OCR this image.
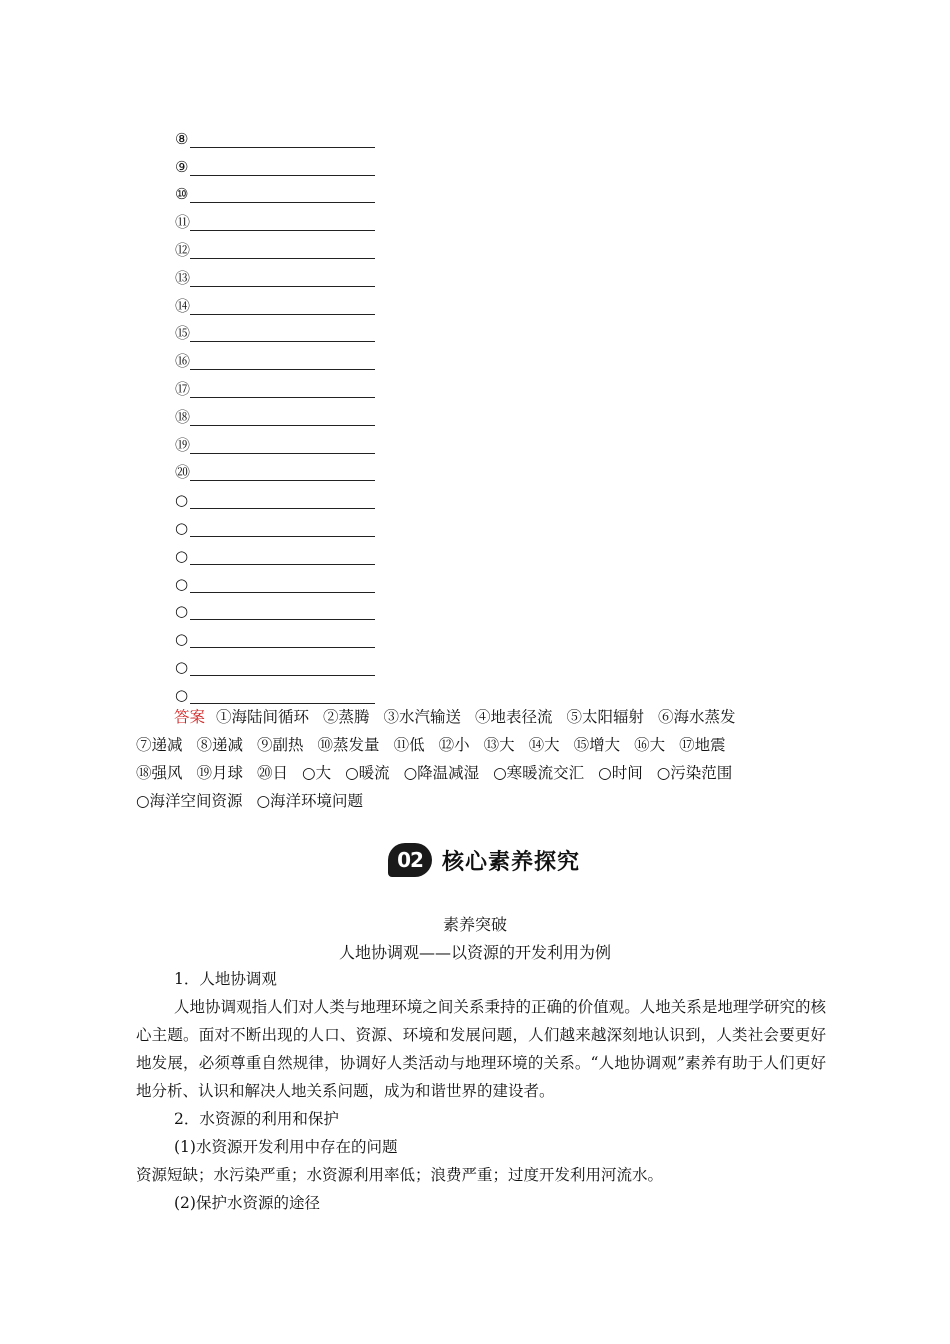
⑧
⑨
⑩
⑪
⑫
⑬
⑭
⑮
⑯
⑰
⑱
⑲
⑳
○
○
○
○
○
○
○
○
答案 ①海陆间循环 ②蒸腾 ③水汽输送 ④地表径流 ⑤太阳辐射 ⑥海水蒸发
⑦递减 ⑧递减 ⑨副热 ⑩蒸发量 ⑪低 ⑫小 ⑬大 ⑭大 ⑮增大 ⑯大 ⑰地震
⑱强风 ⑲月球 ⑳日 ○大 ○暖流 ○降温减湿 ○寒暖流交汇 ○时间 ○污染范围
○海洋空间资源 ○海洋环境问题
02 核心素养探究
素养突破
人地协调观——以资源的开发利用为例

1．人地协调观

人地协调观指人们对人类与地理环境之间关系秉持的正确的价值观。人地关系是地理学研究的核心主题。面对不断出现的人口、资源、环境和发展问题，人们越来越深刻地认识到，人类社会要更好地发展，必须尊重自然规律，协调好人类活动与地理环境的关系。“人地协调观”素养有助于人们更好地分析、认识和解决人地关系问题，成为和谐世界的建设者。

2．水资源的利用和保护

(1)水资源开发利用中存在的问题

资源短缺；水污染严重；水资源利用率低；浪费严重；过度开发利用河流水。

(2)保护水资源的途径
